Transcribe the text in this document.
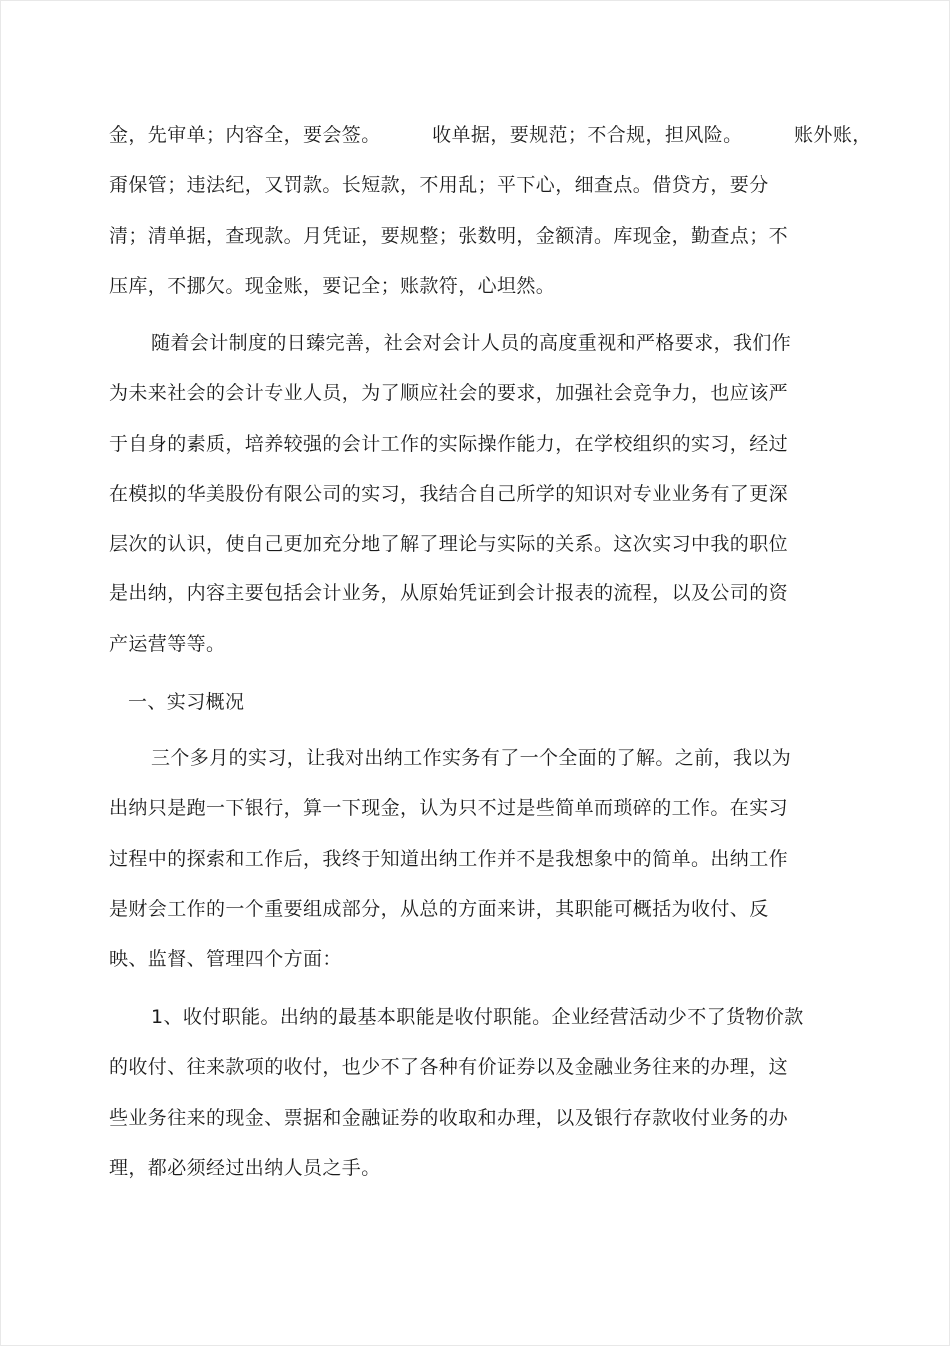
金，先审单；内容全，要会签。        收单据，要规范；不合规，担风险。        账外账，
甭保管；违法纪，又罚款。长短款，不用乱；平下心，细查点。借贷方，要分
清；清单据，查现款。月凭证，要规整；张数明，金额清。库现金，勤查点；不
压库，不挪欠。现金账，要记全；账款符，心坦然。
随着会计制度的日臻完善，社会对会计人员的高度重视和严格要求，我们作
为未来社会的会计专业人员，为了顺应社会的要求，加强社会竞争力，也应该严
于自身的素质，培养较强的会计工作的实际操作能力，在学校组织的实习，经过
在模拟的华美股份有限公司的实习，我结合自己所学的知识对专业业务有了更深
层次的认识，使自己更加充分地了解了理论与实际的关系。这次实习中我的职位
是出纳，内容主要包括会计业务，从原始凭证到会计报表的流程，以及公司的资
产运营等等。
一、实习概况
三个多月的实习，让我对出纳工作实务有了一个全面的了解。之前，我以为
出纳只是跑一下银行，算一下现金，认为只不过是些简单而琐碎的工作。在实习
过程中的探索和工作后，我终于知道出纳工作并不是我想象中的简单。出纳工作
是财会工作的一个重要组成部分，从总的方面来讲，其职能可概括为收付、反
映、监督、管理四个方面：
1、收付职能。出纳的最基本职能是收付职能。企业经营活动少不了货物价款
的收付、往来款项的收付，也少不了各种有价证券以及金融业务往来的办理，这
些业务往来的现金、票据和金融证券的收取和办理，以及银行存款收付业务的办
理，都必须经过出纳人员之手。
